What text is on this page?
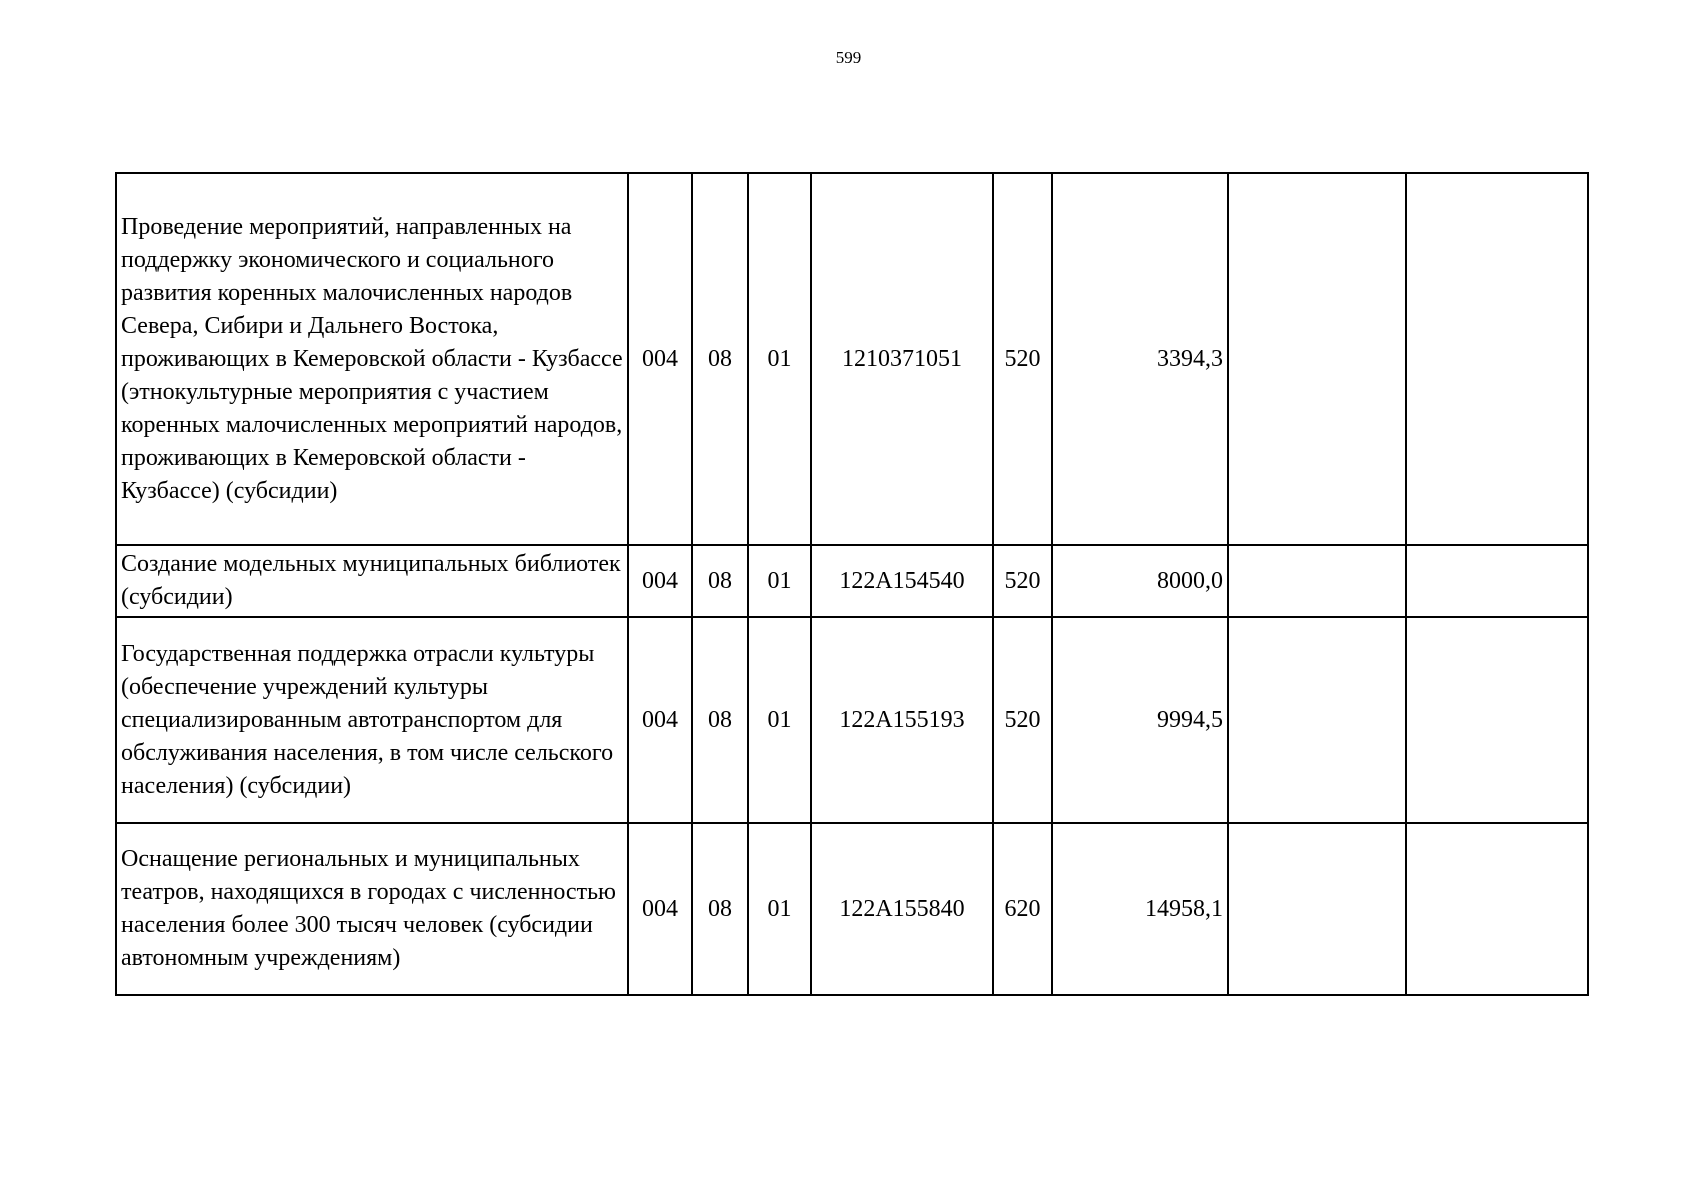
599
Проведение мероприятий, направленных на поддержку экономического и социального развития коренных малочисленных народов Севера, Сибири и Дальнего Востока, проживающих в Кемеровской области - Кузбассе (этнокультурные мероприятия с участием коренных малочисленных мероприятий народов, проживающих в Кемеровской области - Кузбассе) (субсидии)	004	08	01	1210371051	520	3394,3		
Создание модельных муниципальных библиотек (субсидии)	004	08	01	122A154540	520	8000,0		
Государственная поддержка отрасли культуры (обеспечение учреждений культуры специализированным автотранспортом для обслуживания населения, в том числе сельского населения) (субсидии)	004	08	01	122A155193	520	9994,5		
Оснащение региональных и муниципальных театров, находящихся в городах с численностью населения более 300 тысяч человек (субсидии автономным учреждениям)	004	08	01	122A155840	620	14958,1		
